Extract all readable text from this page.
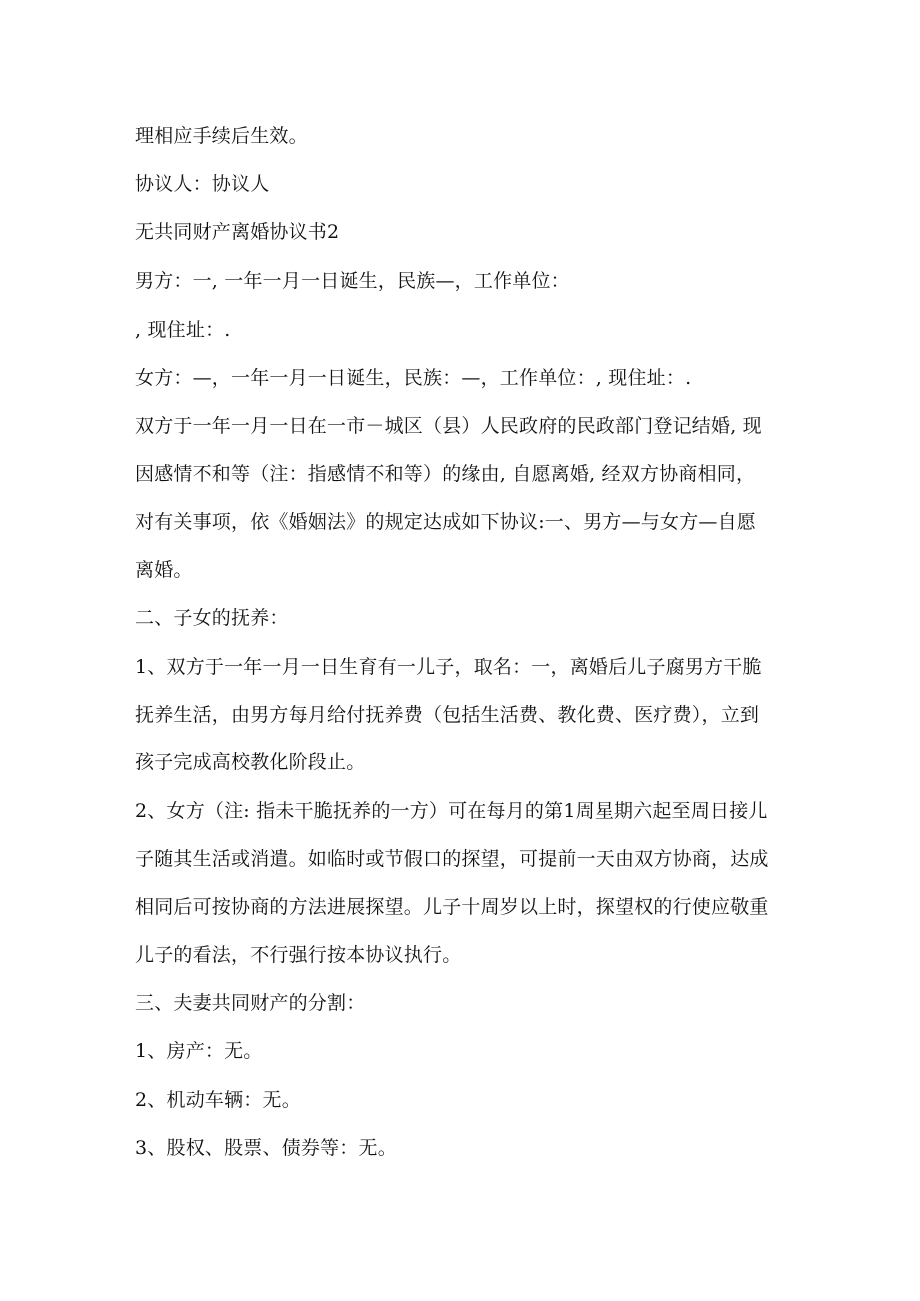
理相应手续后生效。
协议人：协议人
无共同财产离婚协议书2
男方：一, 一年一月一日诞生，民族—，工作单位：
, 现住址：.
女方：—，一年一月一日诞生，民族：—，工作单位：, 现住址：.
双方于一年一月一日在一市－城区（县）人民政府的民政部门登记结婚, 现
因感情不和等（注：指感情不和等）的缘由, 自愿离婚, 经双方协商相同，
对有关事项，依《婚姻法》的规定达成如下协议:一、男方—与女方—自愿
离婚。
二、子女的抚养：
1、双方于一年一月一日生育有一儿子，取名：一，离婚后儿子腐男方干脆
抚养生活，由男方每月给付抚养费（包括生活费、教化费、医疗费），立到
孩子完成高校教化阶段止。
2、女方（注: 指未干脆抚养的一方）可在每月的第1周星期六起至周日接儿
子随其生活或消遣。如临时或节假口的探望，可提前一天由双方协商，达成
相同后可按协商的方法进展探望。儿子十周岁以上时，探望权的行使应敬重
儿子的看法，不行强行按本协议执行。
三、夫妻共同财产的分割：
1、房产：无。
2、机动车辆：无。
3、股权、股票、债券等：无。
